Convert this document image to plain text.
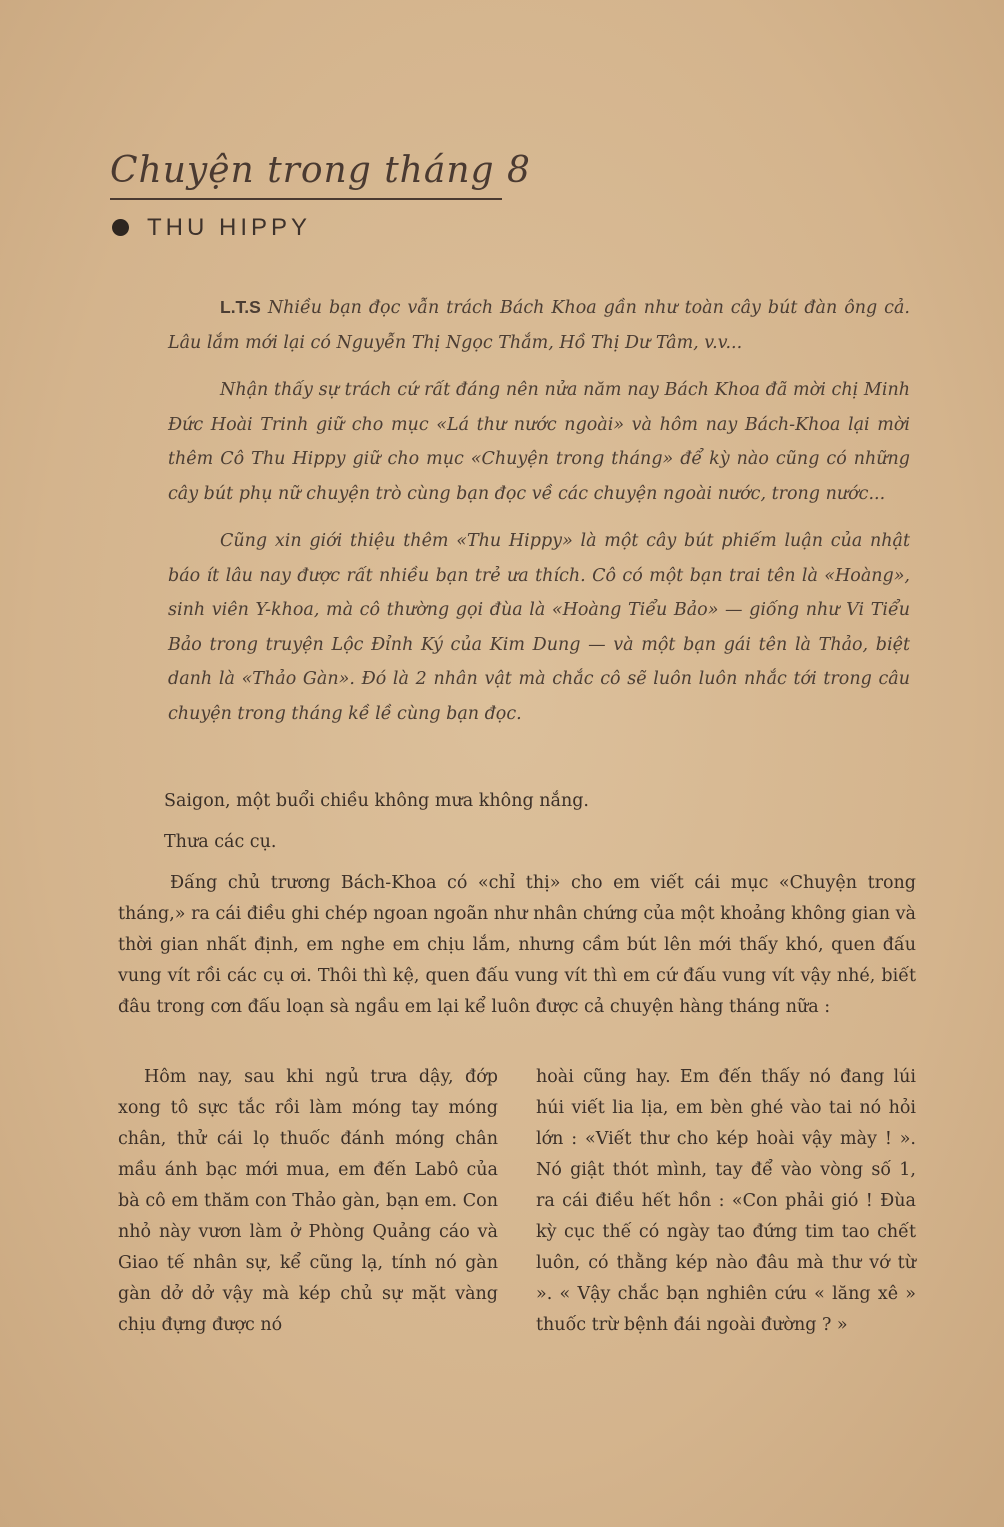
Chuyện trong tháng 8
THU HIPPY

L.T.S Nhiều bạn đọc vẫn trách Bách Khoa gần như toàn cây bút đàn ông cả. Lâu lắm mới lại có Nguyễn Thị Ngọc Thắm, Hồ Thị Dư Tâm, v.v...

Nhận thấy sự trách cứ rất đáng nên nửa năm nay Bách Khoa đã mời chị Minh Đức Hoài Trinh giữ cho mục «Lá thư nước ngoài» và hôm nay Bách-Khoa lại mời thêm Cô Thu Hippy giữ cho mục «Chuyện trong tháng» để kỳ nào cũng có những cây bút phụ nữ chuyện trò cùng bạn đọc về các chuyện ngoài nước, trong nước...

Cũng xin giới thiệu thêm «Thu Hippy» là một cây bút phiếm luận của nhật báo ít lâu nay được rất nhiều bạn trẻ ưa thích. Cô có một bạn trai tên là «Hoàng», sinh viên Y-khoa, mà cô thường gọi đùa là «Hoàng Tiểu Bảo» — giống như Vi Tiểu Bảo trong truyện Lộc Đỉnh Ký của Kim Dung — và một bạn gái tên là Thảo, biệt danh là «Thảo Gàn». Đó là 2 nhân vật mà chắc cô sẽ luôn luôn nhắc tới trong câu chuyện trong tháng kề lề cùng bạn đọc.

Saigon, một buổi chiều không mưa không nắng.

Thưa các cụ.

Đấng chủ trương Bách-Khoa có «chỉ thị» cho em viết cái mục «Chuyện trong tháng,» ra cái điều ghi chép ngoan ngoãn như nhân chứng của một khoảng không gian và thời gian nhất định, em nghe em chịu lắm, nhưng cầm bút lên mới thấy khó, quen đấu vung vít rồi các cụ ơi. Thôi thì kệ, quen đấu vung vít thì em cứ đấu vung vít vậy nhé, biết đâu trong cơn đấu loạn sà ngầu em lại kể luôn được cả chuyện hàng tháng nữa :

Hôm nay, sau khi ngủ trưa dậy, đớp xong tô sực tắc rồi làm móng tay móng chân, thử cái lọ thuốc đánh móng chân mầu ánh bạc mới mua, em đến Labô của bà cô em thăm con Thảo gàn, bạn em. Con nhỏ này vươn làm ở Phòng Quảng cáo và Giao tế nhân sự, kể cũng lạ, tính nó gàn gàn dở dở vậy mà kép chủ sự mặt vàng chịu đựng được nó

hoài cũng hay. Em đến thấy nó đang lúi húi viết lia lịa, em bèn ghé vào tai nó hỏi lớn : «Viết thư cho kép hoài vậy mày ! ». Nó giật thót mình, tay để vào vòng số 1, ra cái điều hết hồn : «Con phải gió ! Đùa kỳ cục thế có ngày tao đứng tim tao chết luôn, có thằng kép nào đâu mà thư vớ từ ». « Vậy chắc bạn nghiên cứu « lăng xê » thuốc trừ bệnh đái ngoài đường ? »
